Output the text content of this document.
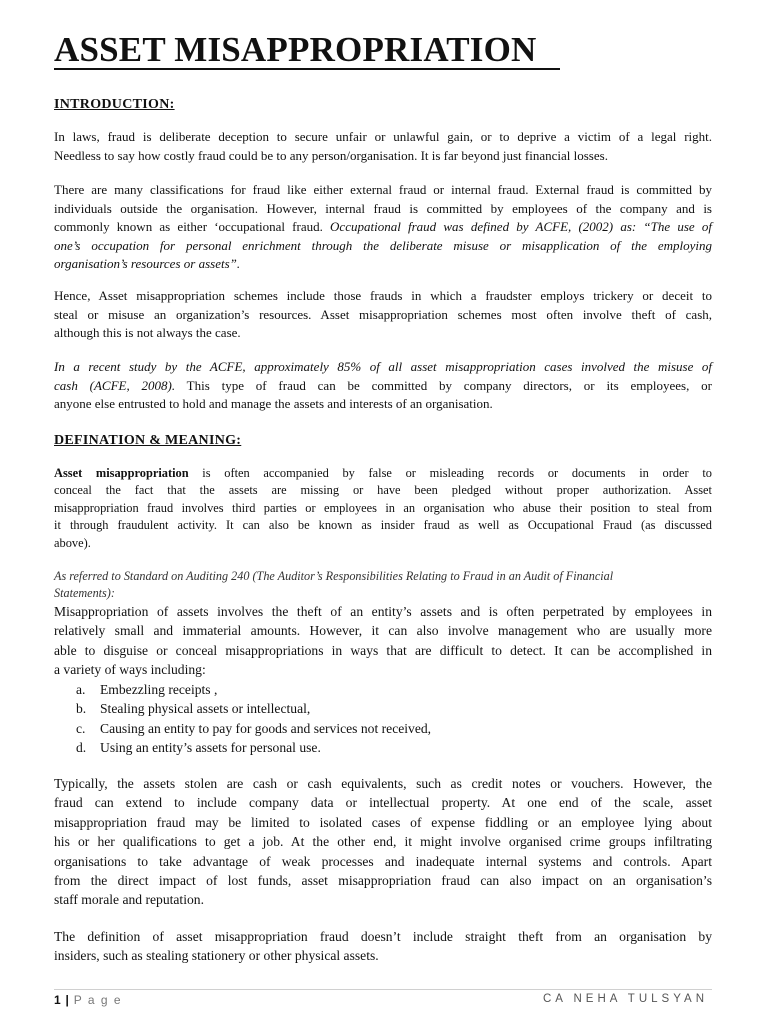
ASSET MISAPPROPRIATION
INTRODUCTION:
In laws, fraud is deliberate deception to secure unfair or unlawful gain, or to deprive a victim of a legal right.
Needless to say how costly fraud could be to any person/organisation. It is far beyond just financial losses.
There are many classifications for fraud like either external fraud or internal fraud. External fraud is committed by
individuals outside the organisation. However, internal fraud is committed by employees of the company and is
commonly known as either ‘occupational fraud. Occupational fraud was defined by ACFE, (2002) as: “The use of
one’s occupation for personal enrichment through the deliberate misuse or misapplication of the employing
organisation’s resources or assets”.
Hence, Asset misappropriation schemes include those frauds in which a fraudster employs trickery or deceit to
steal or misuse an organization’s resources. Asset misappropriation schemes most often involve theft of cash,
although this is not always the case.
In a recent study by the ACFE, approximately 85% of all asset misappropriation cases involved the misuse of
cash (ACFE, 2008). This type of fraud can be committed by company directors, or its employees, or
anyone else entrusted to hold and manage the assets and interests of an organisation.
DEFINATION & MEANING:
Asset misappropriation is often accompanied by false or misleading records or documents in order to
conceal the fact that the assets are missing or have been pledged without proper authorization. Asset
misappropriation fraud involves third parties or employees in an organisation who abuse their position to steal from
it through fraudulent activity. It can also be known as insider fraud as well as Occupational Fraud (as discussed
above).
As referred to Standard on Auditing 240 (The Auditor’s Responsibilities Relating to Fraud in an Audit of Financial
Statements):
Misappropriation of assets involves the theft of an entity’s assets and is often perpetrated by employees in
relatively small and immaterial amounts. However, it can also involve management who are usually more
able to disguise or conceal misappropriations in ways that are difficult to detect. It can be accomplished in
a variety of ways including:
a. Embezzling receipts ,
b. Stealing physical assets or intellectual,
c. Causing an entity to pay for goods and services not received,
d. Using an entity’s assets for personal use.
Typically, the assets stolen are cash or cash equivalents, such as credit notes or vouchers. However, the
fraud can extend to include company data or intellectual property. At one end of the scale, asset
misappropriation fraud may be limited to isolated cases of expense fiddling or an employee lying about
his or her qualifications to get a job. At the other end, it might involve organised crime groups infiltrating
organisations to take advantage of weak processes and inadequate internal systems and controls. Apart
from the direct impact of lost funds, asset misappropriation fraud can also impact on an organisation’s
staff morale and reputation.
The definition of asset misappropriation fraud doesn’t include straight theft from an organisation by
insiders, such as stealing stationery or other physical assets.
1 | P a g e	CA NEHA TULSYAN
